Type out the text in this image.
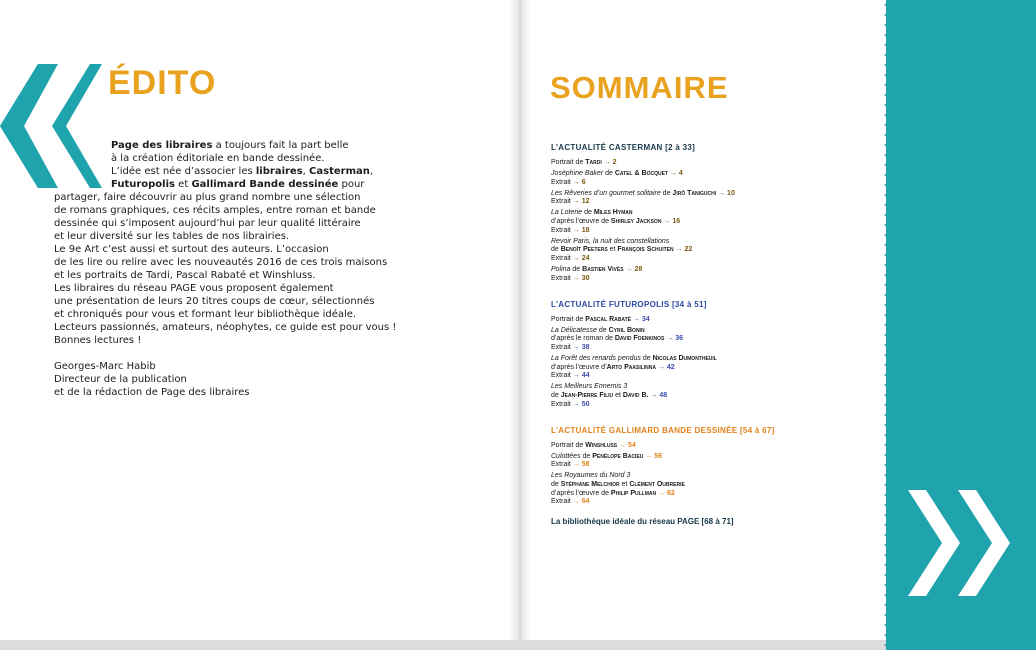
ÉDITO
Page des libraires a toujours fait la part belle
à la création éditoriale en bande dessinée.
L’idée est née d’associer les libraires, Casterman,
Futuropolis et Gallimard Bande dessinée pour
partager, faire découvrir au plus grand nombre une sélection
de romans graphiques, ces récits amples, entre roman et bande
dessinée qui s’imposent aujourd’hui par leur qualité littéraire
et leur diversité sur les tables de nos librairies.
Le 9e Art c’est aussi et surtout des auteurs. L’occasion
de les lire ou relire avec les nouveautés 2016 de ces trois maisons
et les portraits de Tardi, Pascal Rabaté et Winshluss.
Les libraires du réseau PAGE vous proposent également
une présentation de leurs 20 titres coups de cœur, sélectionnés
et chroniqués pour vous et formant leur bibliothèque idéale.
Lecteurs passionnés, amateurs, néophytes, ce guide est pour vous !
Bonnes lectures !
Georges-Marc Habib
Directeur de la publication
et de la rédaction de Page des libraires
SOMMAIRE
L’ACTUALITÉ CASTERMAN [2 à 33]
Portrait de Tardi → 2
Joséphine Baker de Catel & Bocquet → 4
Extrait → 6
Les Rêveries d’un gourmet solitaire de Jirô Taniguchi → 10
Extrait → 12
La Loterie de Miles Hyman
d’après l’œuvre de Shirley Jackson → 16
Extrait → 18
Revoir Paris, la nuit des constellations
de Benoît Peeters et François Schuiten → 22
Extrait → 24
Polina de Bastien Vivès → 28
Extrait → 30
L’ACTUALITÉ FUTUROPOLIS [34 à 51]
Portrait de Pascal Rabaté → 34
La Délicatesse de Cyril Bonin
d’après le roman de David Foenkinos → 36
Extrait → 38
La Forêt des renards pendus de Nicolas Dumontheuil
d’après l’œuvre d’Arto Paasilinna → 42
Extrait → 44
Les Meilleurs Ennemis 3
de Jean-Pierre Filiu et David B. → 48
Extrait → 50
L’ACTUALITÉ GALLIMARD BANDE DESSINÉE [54 à 67]
Portrait de Winshluss → 54
Culottées de Pénélope Bacieu → 56
Extrait → 58
Les Royaumes du Nord 3
de Stéphane Melchior et Clément Oubrerie
d’après l’œuvre de Philip Pullman → 62
Extrait → 64
La bibliothèque idéale du réseau PAGE [68 à 71]
